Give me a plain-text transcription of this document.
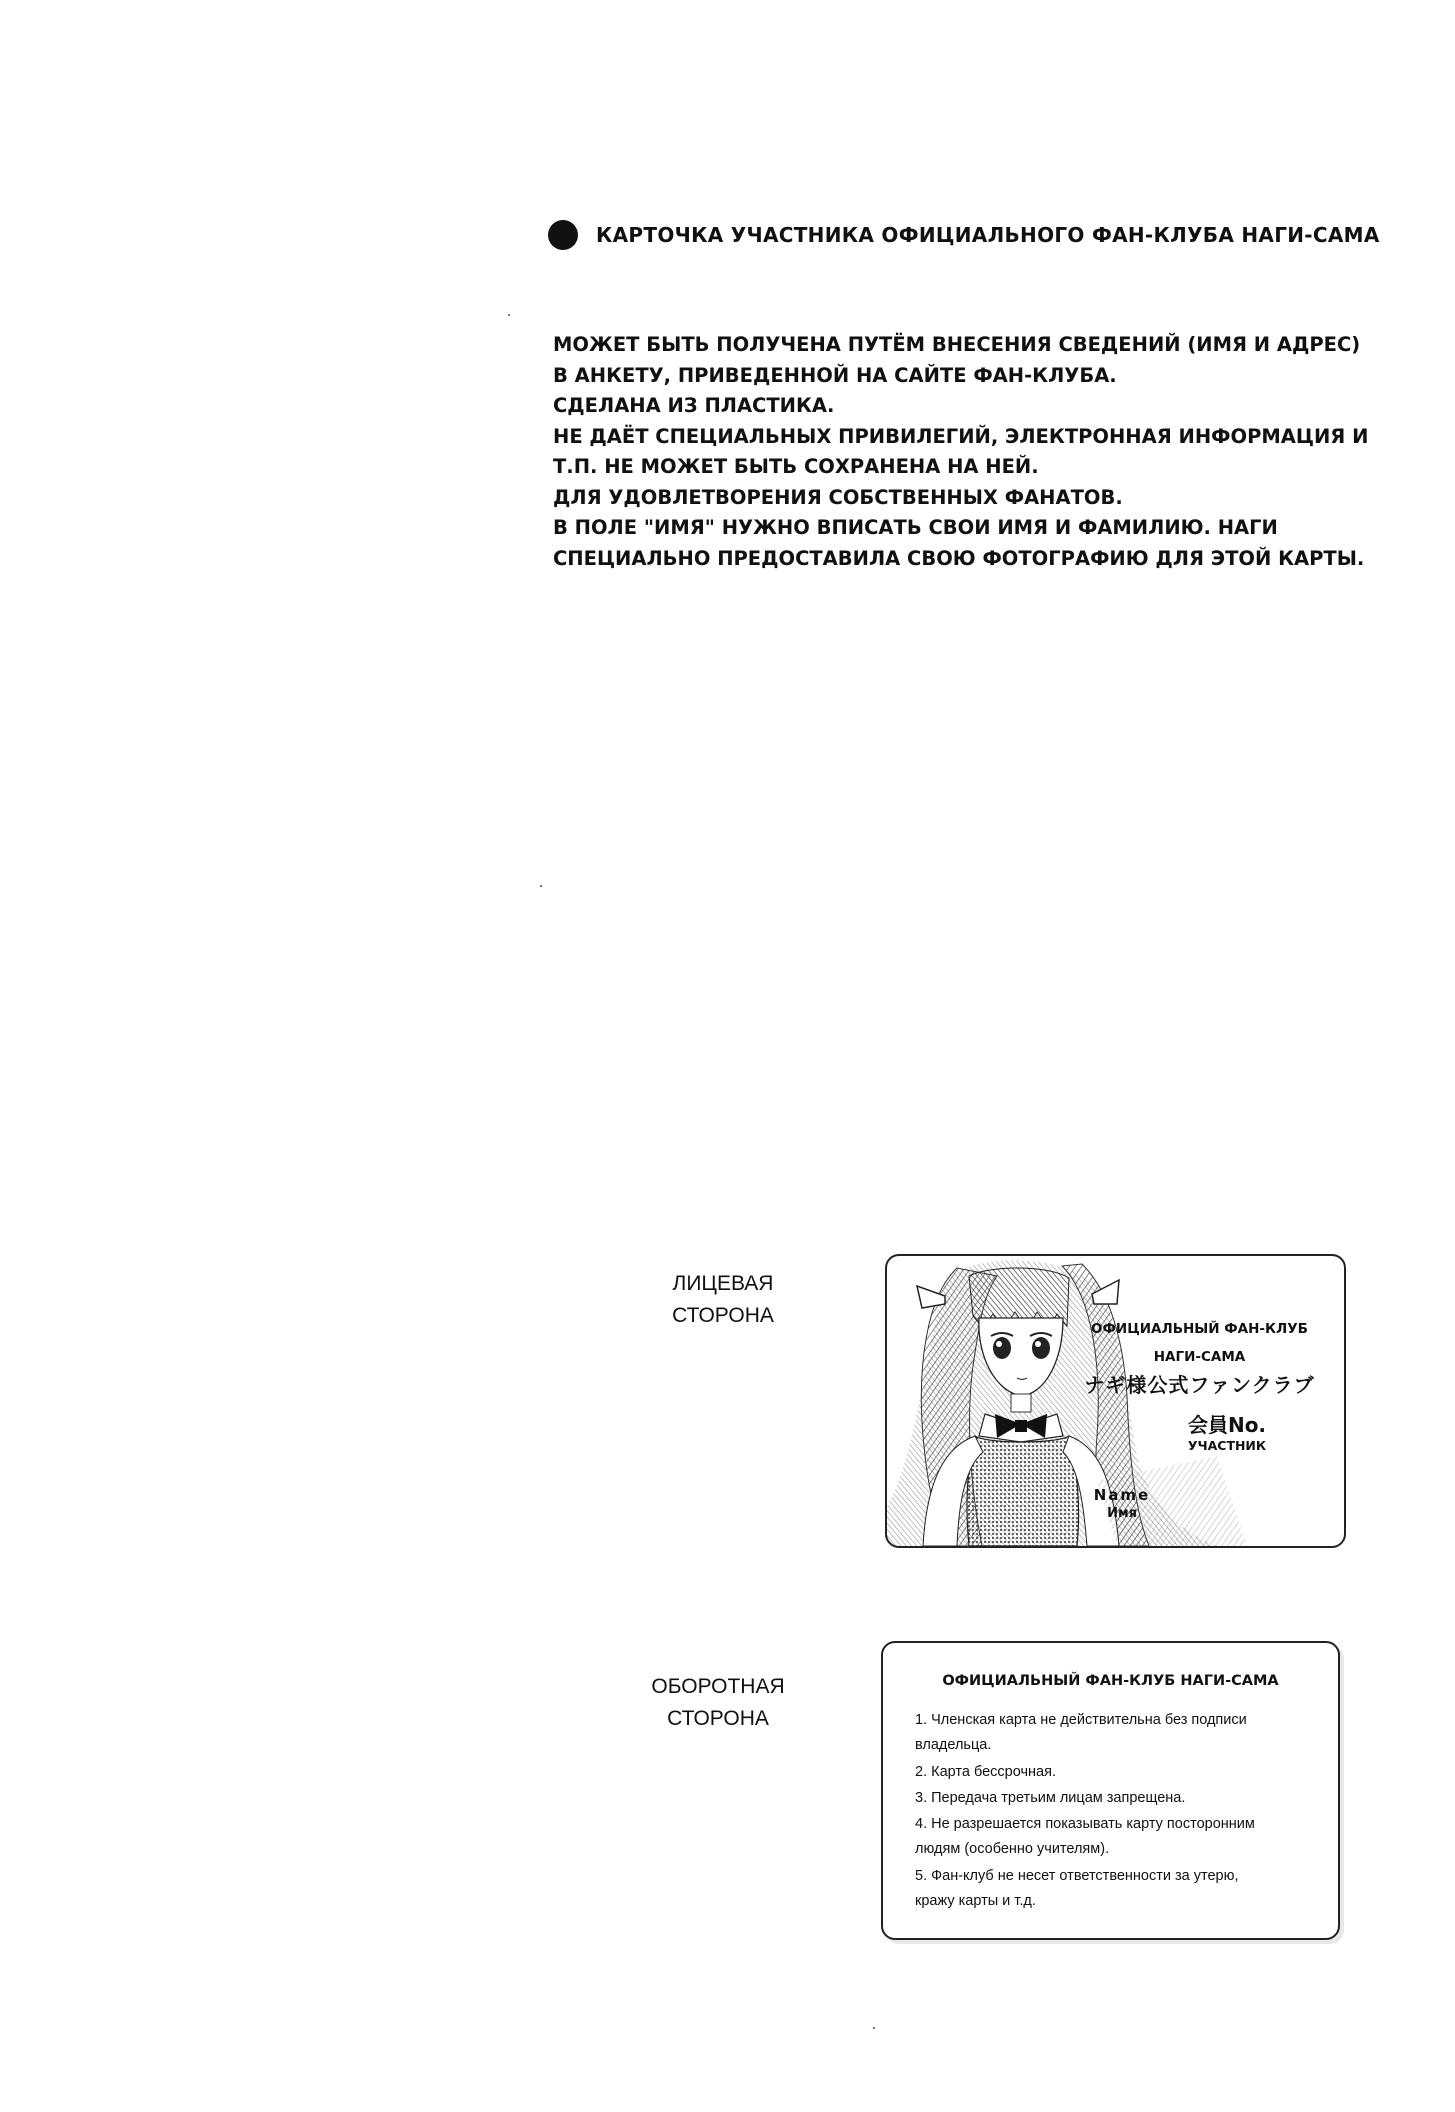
КАРТОЧКА УЧАСТНИКА ОФИЦИАЛЬНОГО ФАН-КЛУБА НАГИ-САМА
МОЖЕТ БЫТЬ ПОЛУЧЕНА ПУТЁМ ВНЕСЕНИЯ СВЕДЕНИЙ (ИМЯ И АДРЕС)
В АНКЕТУ, ПРИВЕДЕННОЙ НА САЙТЕ ФАН-КЛУБА.
СДЕЛАНА ИЗ ПЛАСТИКА.
НЕ ДАЁТ СПЕЦИАЛЬНЫХ ПРИВИЛЕГИЙ, ЭЛЕКТРОННАЯ ИНФОРМАЦИЯ И
Т.П. НЕ МОЖЕТ БЫТЬ СОХРАНЕНА НА НЕЙ.
ДЛЯ УДОВЛЕТВОРЕНИЯ СОБСТВЕННЫХ ФАНАТОВ.
В ПОЛЕ "ИМЯ" НУЖНО ВПИСАТЬ СВОИ ИМЯ И ФАМИЛИЮ. НАГИ
СПЕЦИАЛЬНО ПРЕДОСТАВИЛА СВОЮ ФОТОГРАФИЮ ДЛЯ ЭТОЙ КАРТЫ.
ЛИЦЕВАЯ
СТОРОНА
ОБОРОТНАЯ
СТОРОНА
ОФИЦИАЛЬНЫЙ ФАН-КЛУБ
НАГИ-САМА
ナギ様公式ファンクラブ
会員No.
УЧАСТНИК
Name
Имя
ОФИЦИАЛЬНЫЙ ФАН-КЛУБ НАГИ-САМА
1. Членская карта не действительна без подписи
владельца.
2. Карта бессрочная.
3. Передача третьим лицам запрещена.
4. Не разрешается показывать карту посторонним
людям (особенно учителям).
5. Фан-клуб не несет ответственности за утерю,
кражу карты и т.д.
